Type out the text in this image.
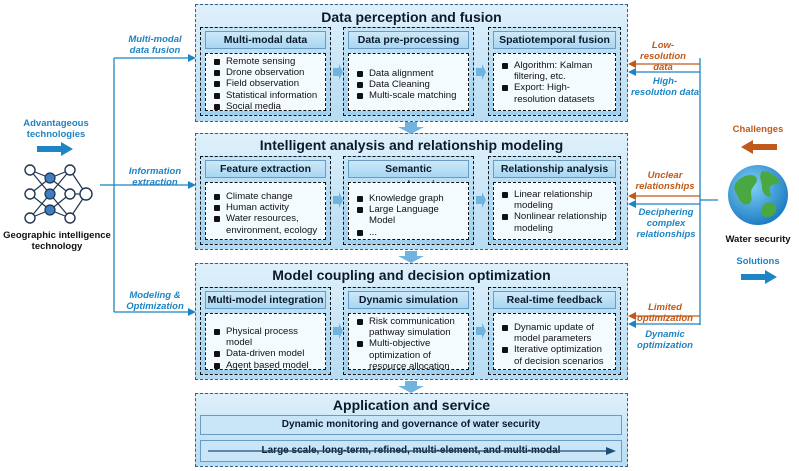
Advantageous technologies
Geographic intelligence technology
Multi-modal data fusion
Information extraction
Modeling & Optimization
Data perception and fusion
Multi-modal data
Remote sensing
Drone observation
Field observation
Statistical information
Social media
Data pre-processing
Data alignment
Data Cleaning
Multi-scale matching
Spatiotemporal fusion
Algorithm: Kalman filtering, etc.
Export: High-resolution datasets
Intelligent analysis and relationship modeling
Feature extraction
Climate change
Human activity
Water resources, environment, ecology
Semantic
Knowledge graph
Large Language Model
...
Relationship analysis
Linear relationship modeling
Nonlinear relationship modeling
Model coupling and decision optimization
Multi-model integration
Physical process model
Data-driven model
Agent based model
Dynamic simulation
Risk communication pathway simulation
Multi-objective optimization of resource allocation
Real-time feedback
Dynamic update of model parameters
Iterative optimization of decision scenarios
Application and service
Dynamic monitoring and governance of water security
Large scale, long-term, refined, multi-element, and multi-modal
Low-resolution data
High-resolution data
Unclear relationships
Deciphering complex relationships
Limited optimization
Dynamic optimization
Challenges
Water security
Solutions
